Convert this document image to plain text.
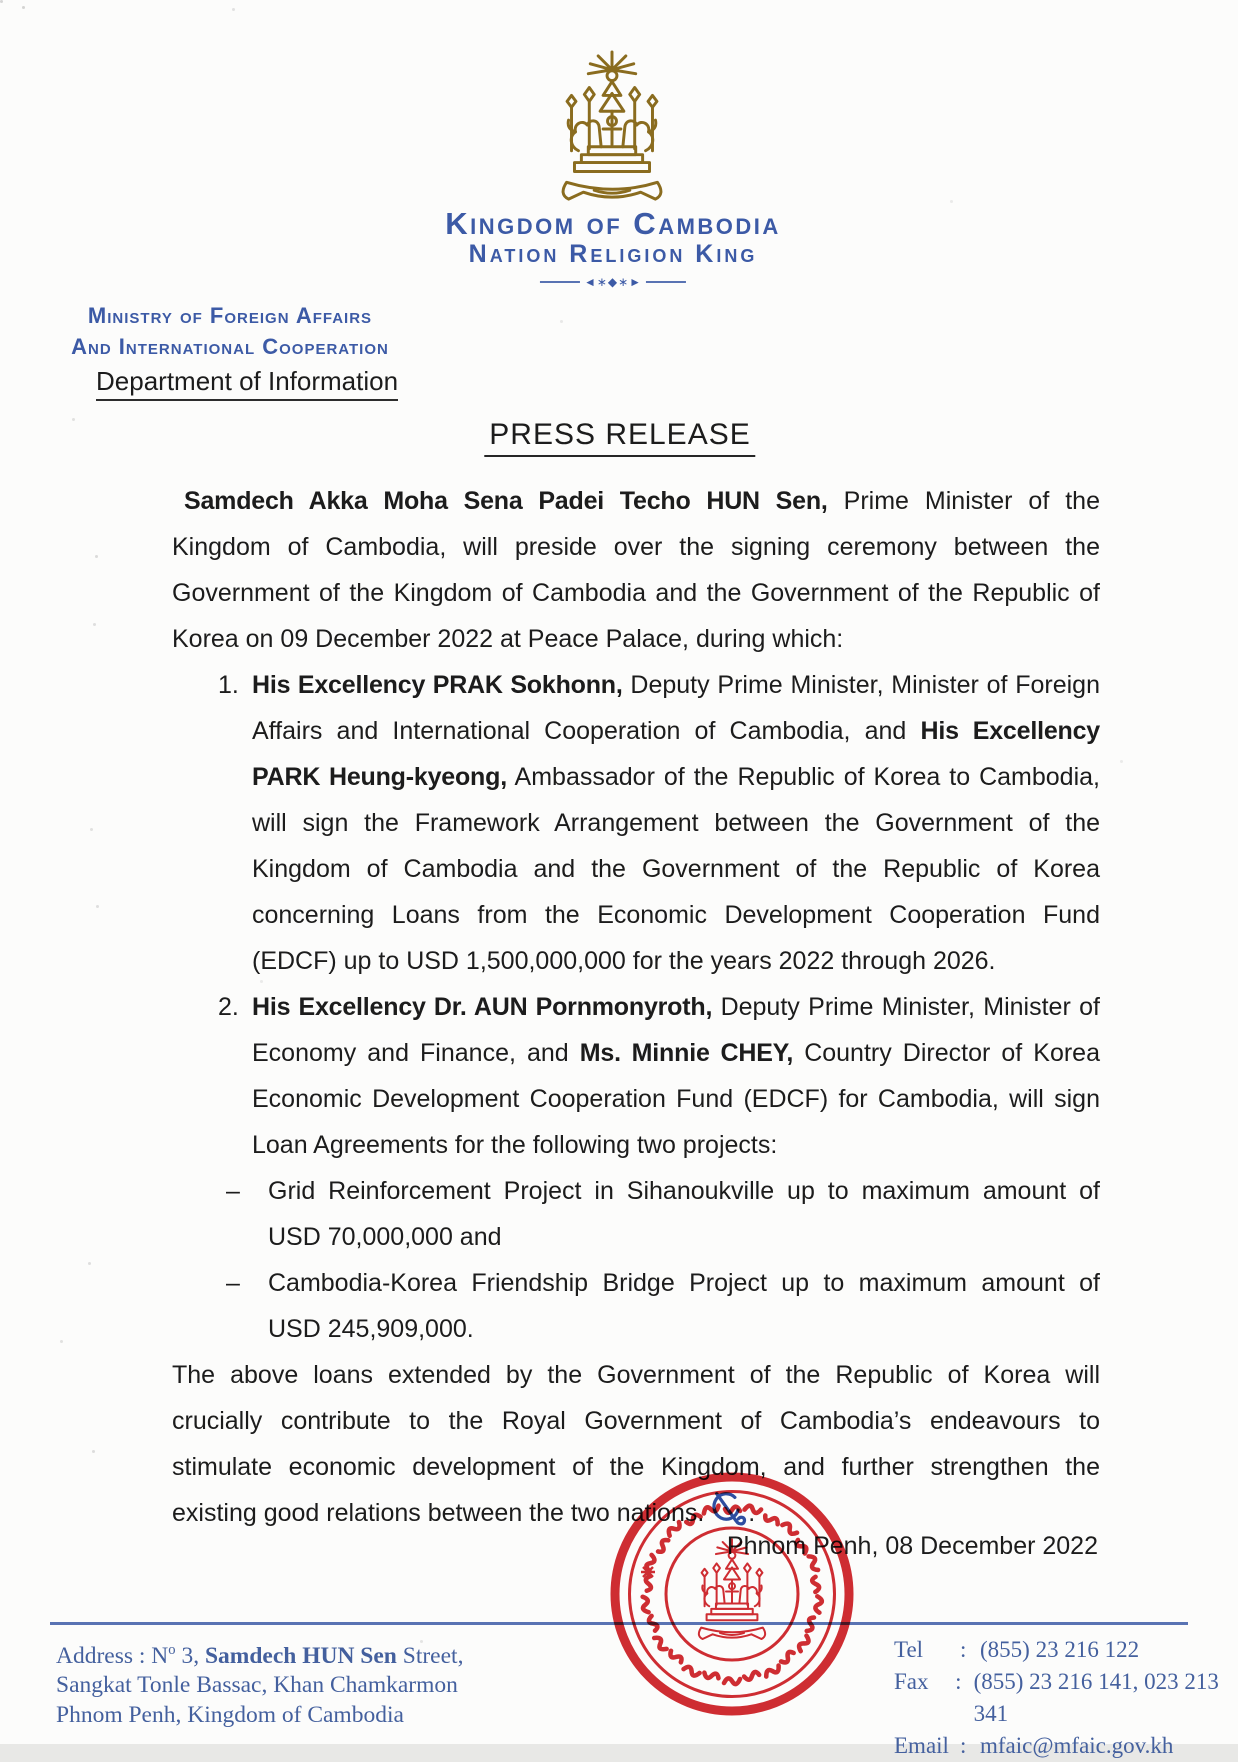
Kingdom of Cambodia
Nation Religion King
◄∗◆∗►
Ministry of Foreign Affairs
And International Cooperation
Department of Information
PRESS RELEASE

Samdech Akka Moha Sena Padei Techo HUN Sen, Prime Minister of the Kingdom of Cambodia, will preside over the signing ceremony between the Government of the Kingdom of Cambodia and the Government of the Republic of Korea on 09 December 2022 at Peace Palace, during which:

1. His Excellency PRAK Sokhonn, Deputy Prime Minister, Minister of Foreign Affairs and International Cooperation of Cambodia, and His Excellency PARK Heung-kyeong, Ambassador of the Republic of Korea to Cambodia, will sign the Framework Arrangement between the Government of the Kingdom of Cambodia and the Government of the Republic of Korea concerning Loans from the Economic Development Cooperation Fund (EDCF) up to USD 1,500,000,000 for the years 2022 through 2026.

2. His Excellency Dr. AUN Pornmonyroth, Deputy Prime Minister, Minister of Economy and Finance, and Ms. Minnie CHEY, Country Director of Korea Economic Development Cooperation Fund (EDCF) for Cambodia, will sign Loan Agreements for the following two projects:

– Grid Reinforcement Project in Sihanoukville up to maximum amount of USD 70,000,000 and

– Cambodia-Korea Friendship Bridge Project up to maximum amount of USD 245,909,000.

The above loans extended by the Government of the Republic of Korea will crucially contribute to the Royal Government of Cambodia’s endeavours to stimulate economic development of the Kingdom, and further strengthen the existing good relations between the two nations. .

Phnom Penh, 08 December 2022
Address : $N^o$ 3, Samdech HUN Sen Street,
Sangkat Tonle Bassac, Khan Chamkarmon
Phnom Penh, Kingdom of Cambodia
Tel	: (855) 23 216 122
Fax	: (855) 23 216 141, 023 213 341
Email : mfaic@mfaic.gov.kh
